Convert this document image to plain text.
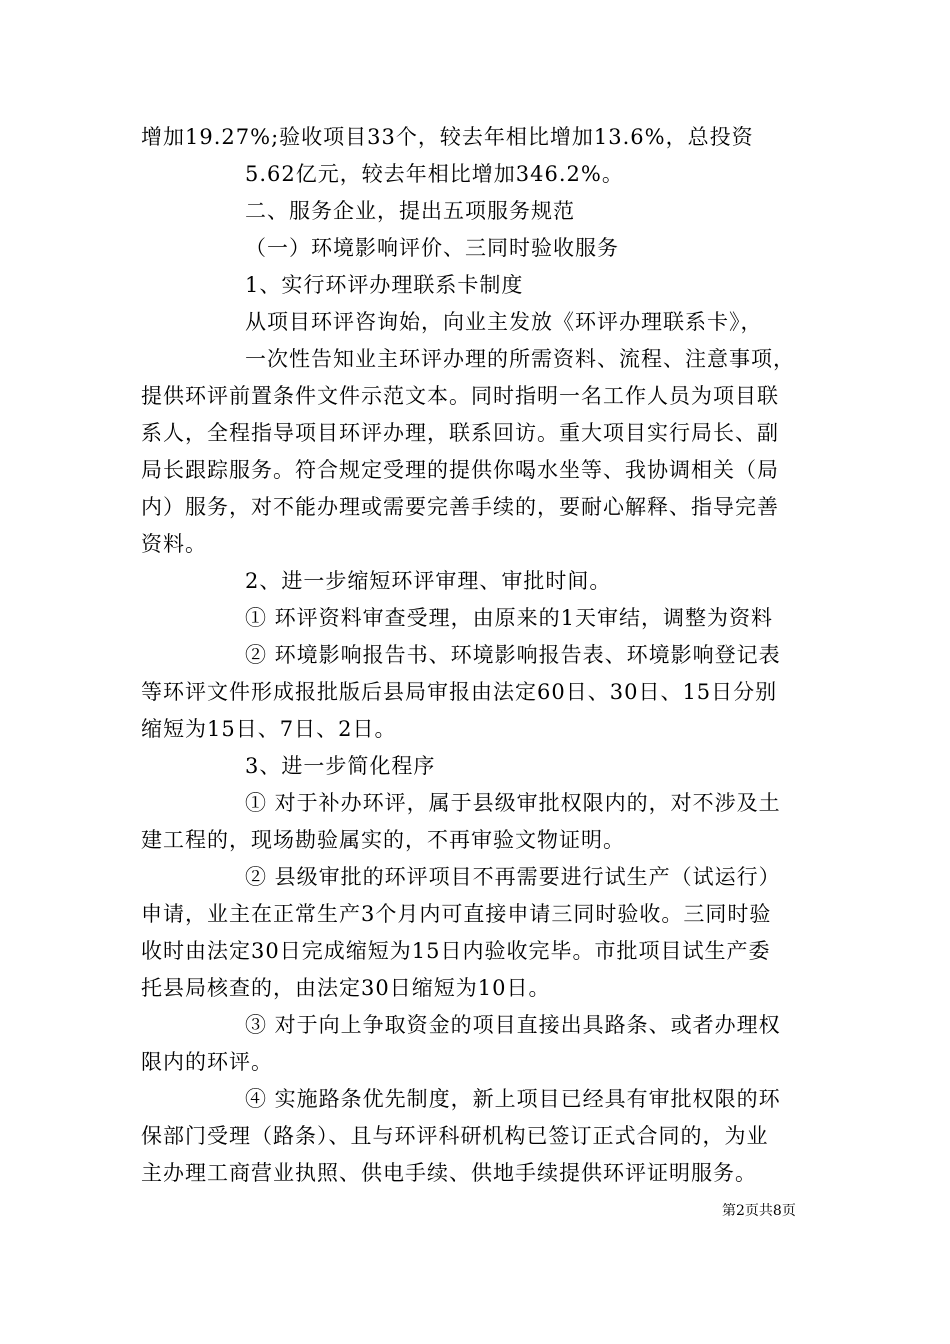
增加19.27%;验收项目33个，较去年相比增加13.6%，总投资
5.62亿元，较去年相比增加346.2%。
二、服务企业，提出五项服务规范
（一）环境影响评价、三同时验收服务
1、实行环评办理联系卡制度
从项目环评咨询始，向业主发放《环评办理联系卡》，
一次性告知业主环评办理的所需资料、流程、注意事项，
提供环评前置条件文件示范文本。同时指明一名工作人员为项目联
系人，全程指导项目环评办理，联系回访。重大项目实行局长、副
局长跟踪服务。符合规定受理的提供你喝水坐等、我协调相关（局
内）服务，对不能办理或需要完善手续的，要耐心解释、指导完善
资料。
2、进一步缩短环评审理、审批时间。
① 环评资料审查受理，由原来的1天审结，调整为资料
② 环境影响报告书、环境影响报告表、环境影响登记表
等环评文件形成报批版后县局审报由法定60日、30日、15日分别
缩短为15日、7日、2日。
3、进一步简化程序
① 对于补办环评，属于县级审批权限内的，对不涉及土
建工程的，现场勘验属实的，不再审验文物证明。
② 县级审批的环评项目不再需要进行试生产（试运行）
申请，业主在正常生产3个月内可直接申请三同时验收。三同时验
收时由法定30日完成缩短为15日内验收完毕。市批项目试生产委
托县局核查的，由法定30日缩短为10日。
③ 对于向上争取资金的项目直接出具路条、或者办理权
限内的环评。
④ 实施路条优先制度，新上项目已经具有审批权限的环
保部门受理（路条）、且与环评科研机构已签订正式合同的，为业
主办理工商营业执照、供电手续、供地手续提供环评证明服务。
第2页共8页
